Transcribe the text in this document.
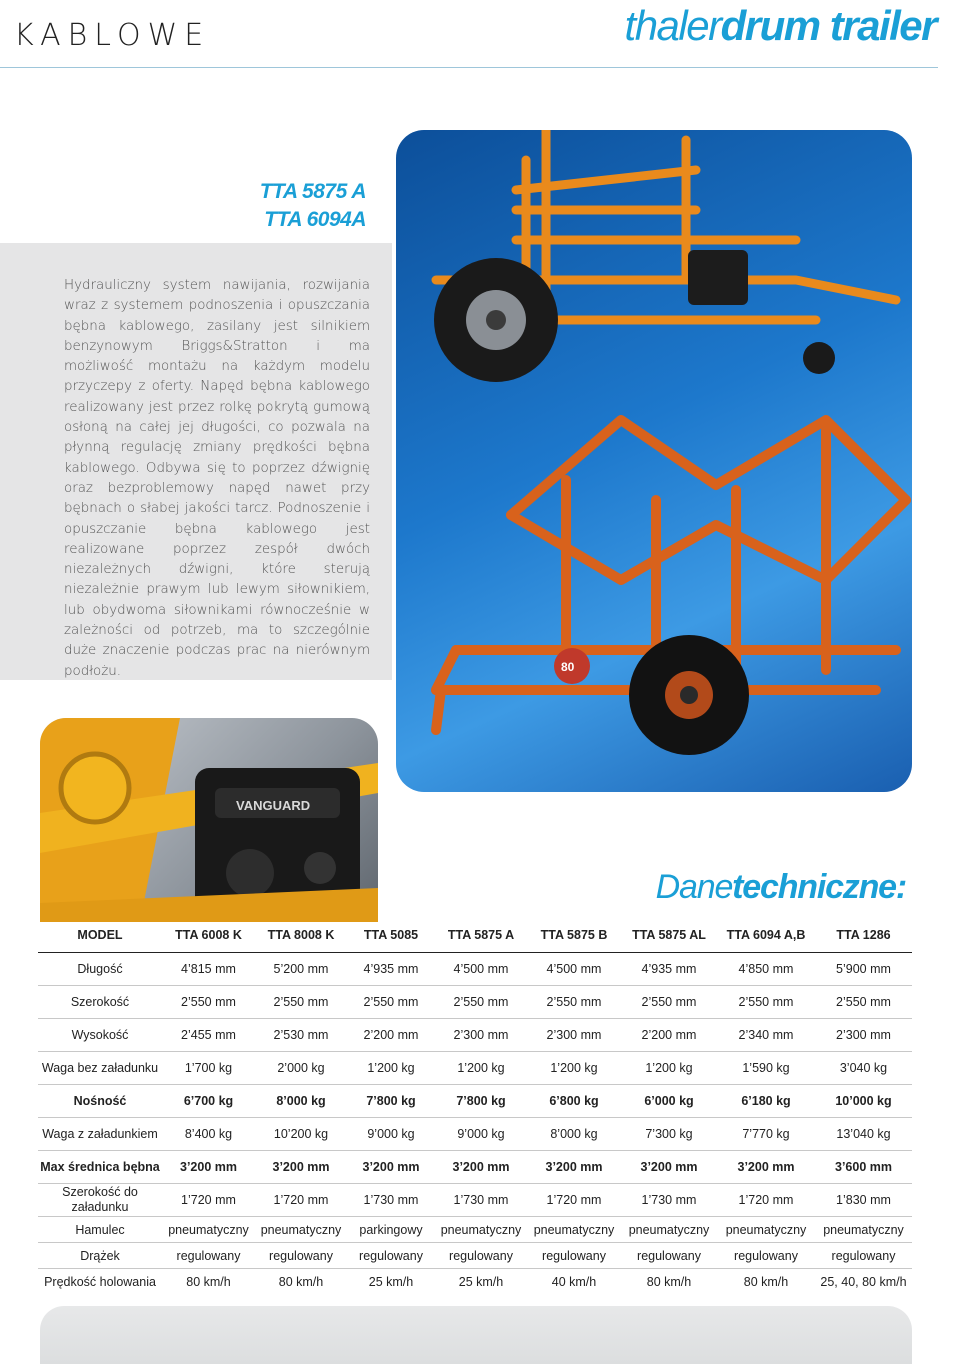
KABLOWE	thalerdrum trailer
TTA 5875 A
TTA 6094A
Hydrauliczny system nawijania, rozwijania wraz z systemem podnoszenia i opuszczania bębna kablowego, zasilany jest silnikiem benzynowym Briggs&Stratton i ma możliwość montażu na każdym modelu przyczepy z oferty. Napęd bębna kablowego realizowany jest przez rolkę pokrytą gumową osłoną na całej jej długości, co pozwala na płynną regulację zmiany prędkości bębna kablowego. Odbywa się to poprzez dźwignię oraz bezproblemowy napęd nawet przy bębnach o słabej jakości tarcz. Podnoszenie i opuszczanie bębna kablowego jest realizowane poprzez zespół dwóch niezależnych dźwigni, które sterują niezależnie prawym lub lewym siłownikiem, lub obydwoma siłownikami równocześnie w zależności od potrzeb, ma to szczególnie duże znaczenie podczas prac na nierównym podłożu.	80
VANGUARD
Danetechniczne:
MODEL	TTA 6008 K	TTA 8008 K	TTA 5085	TTA 5875 A	TTA 5875 B	TTA 5875 AL	TTA 6094 A,B	TTA 1286
Długość	4’815 mm	5’200 mm	4’935 mm	4’500 mm	4’500 mm	4’935 mm	4’850 mm	5’900 mm
Szerokość	2’550 mm	2’550 mm	2’550 mm	2’550 mm	2’550 mm	2’550 mm	2’550 mm	2’550 mm
Wysokość	2’455 mm	2’530 mm	2’200 mm	2’300 mm	2’300 mm	2’200 mm	2’340 mm	2’300 mm
Waga bez załadunku	1’700 kg	2’000 kg	1’200 kg	1’200 kg	1’200 kg	1’200 kg	1’590 kg	3’040 kg
Nośność	6’700 kg	8’000 kg	7’800 kg	7’800 kg	6’800 kg	6’000 kg	6’180 kg	10’000 kg
Waga z załadunkiem	8’400 kg	10’200 kg	9’000 kg	9’000 kg	8’000 kg	7’300 kg	7’770 kg	13’040 kg
Max średnica bębna	3’200 mm	3’200 mm	3’200 mm	3’200 mm	3’200 mm	3’200 mm	3’200 mm	3’600 mm
Szerokość do załadunku	1’720 mm	1’720 mm	1’730 mm	1’730 mm	1’720 mm	1’730 mm	1’720 mm	1’830 mm
Hamulec	pneumatyczny	pneumatyczny	parkingowy	pneumatyczny	pneumatyczny	pneumatyczny	pneumatyczny	pneumatyczny
Drążek	regulowany	regulowany	regulowany	regulowany	regulowany	regulowany	regulowany	regulowany
Prędkość holowania	80 km/h	80 km/h	25 km/h	25 km/h	40 km/h	80 km/h	80 km/h	25, 40, 80 km/h
